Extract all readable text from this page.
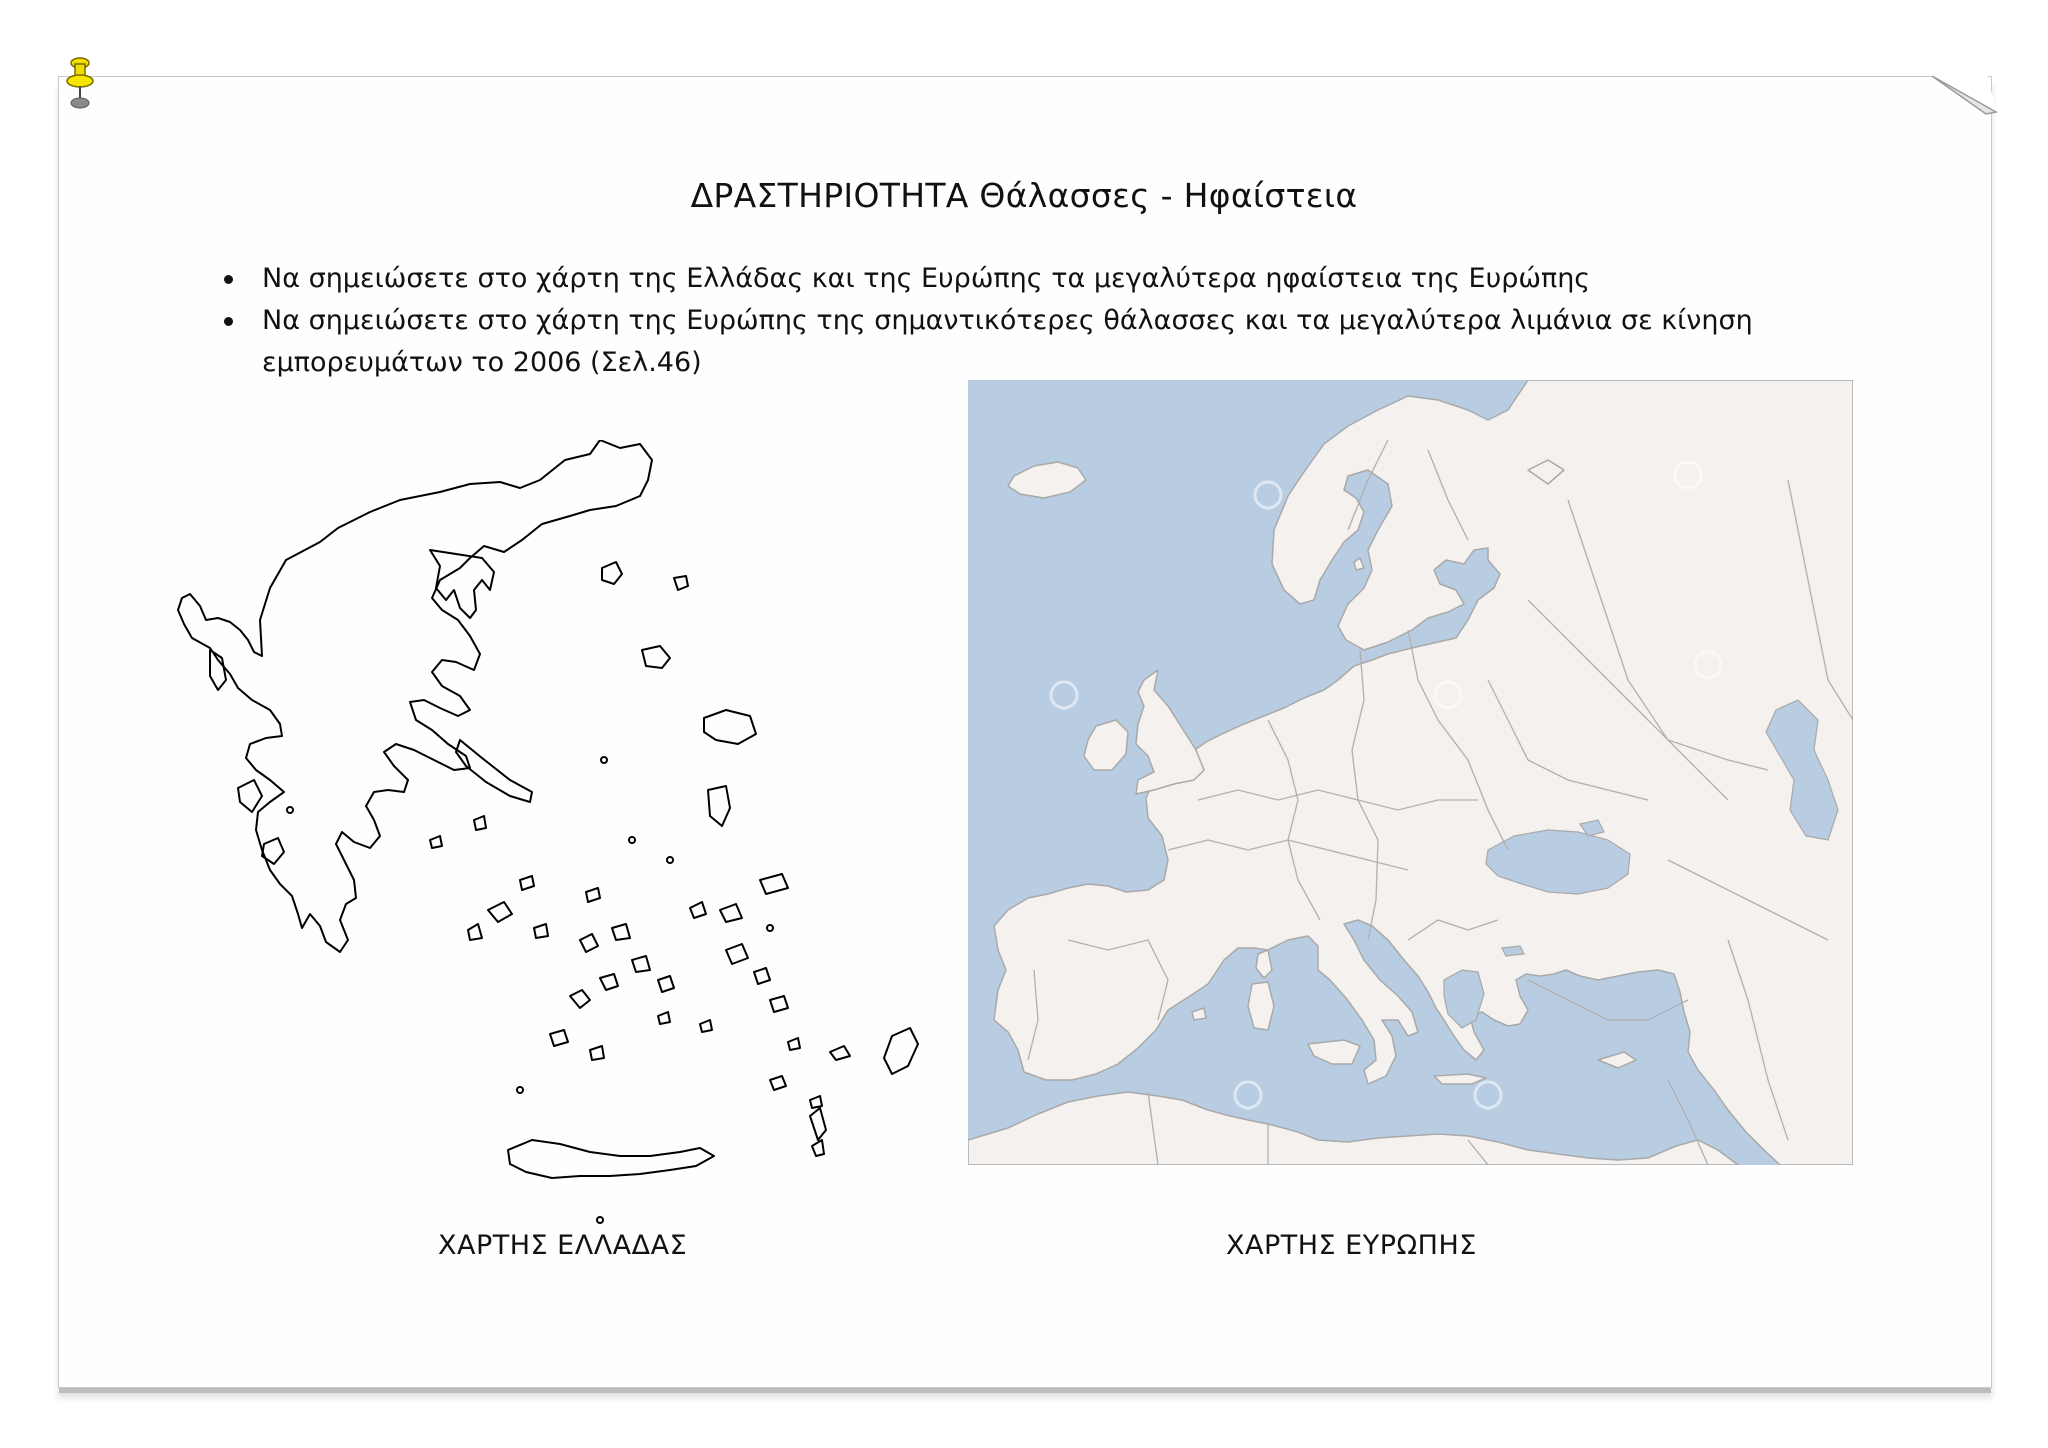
ΔΡΑΣΤΗΡΙΟΤΗΤΑ Θάλασσες - Ηφαίστεια
Να σημειώσετε στο χάρτη της Ελλάδας και της Ευρώπης τα μεγαλύτερα ηφαίστεια της Ευρώπης
Να σημειώσετε στο χάρτη της Ευρώπης της σημαντικότερες θάλασσες και τα μεγαλύτερα λιμάνια σε κίνηση εμπορευμάτων το 2006 (Σελ.46)
ΧΑΡΤΗΣ ΕΛΛΑΔΑΣ	ΧΑΡΤΗΣ ΕΥΡΩΠΗΣ
